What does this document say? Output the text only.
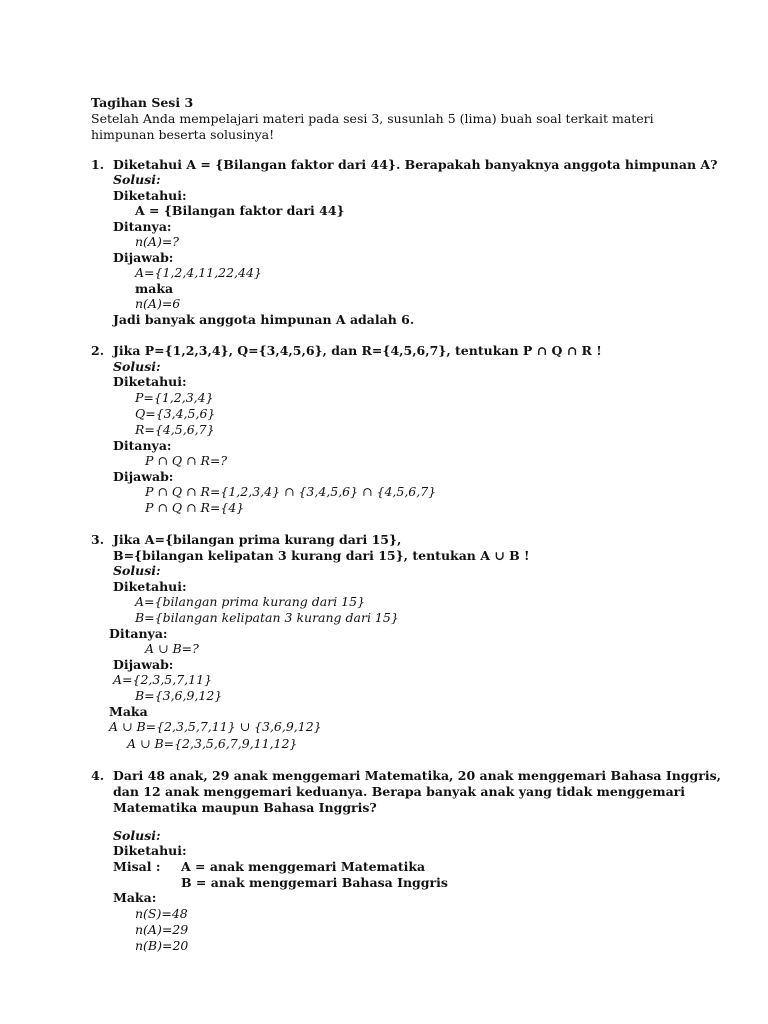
Tagihan Sesi 3
Setelah Anda mempelajari materi pada sesi 3, susunlah 5 (lima) buah soal terkait materi
himpunan beserta solusinya!
1. Diketahui A = {Bilangan faktor dari 44}. Berapakah banyaknya anggota himpunan A?
Solusi:
Diketahui:
A = {Bilangan faktor dari 44}
Ditanya:
n(A)=?
Dijawab:
A={1,2,4,11,22,44}
maka
n(A)=6
Jadi banyak anggota himpunan A adalah 6.
2. Jika P={1,2,3,4}, Q={3,4,5,6}, dan R={4,5,6,7}, tentukan P ∩ Q ∩ R !
Solusi:
Diketahui:
P={1,2,3,4}
Q={3,4,5,6}
R={4,5,6,7}
Ditanya:
P ∩ Q ∩ R=?
Dijawab:
P ∩ Q ∩ R={1,2,3,4} ∩ {3,4,5,6} ∩ {4,5,6,7}
P ∩ Q ∩ R={4}
3. Jika A={bilangan prima kurang dari 15},
B={bilangan kelipatan 3 kurang dari 15}, tentukan A ∪ B !
Solusi:
Diketahui:
A={bilangan prima kurang dari 15}
B={bilangan kelipatan 3 kurang dari 15}
Ditanya:
A ∪ B=?
Dijawab:
A={2,3,5,7,11}
B={3,6,9,12}
Maka
A ∪ B={2,3,5,7,11} ∪ {3,6,9,12}
A ∪ B={2,3,5,6,7,9,11,12}
4. Dari 48 anak, 29 anak menggemari Matematika, 20 anak menggemari Bahasa Inggris,
dan 12 anak menggemari keduanya. Berapa banyak anak yang tidak menggemari
Matematika maupun Bahasa Inggris?
Solusi:
Diketahui:
Misal : A = anak menggemari Matematika
B = anak menggemari Bahasa Inggris
Maka:
n(S)=48
n(A)=29
n(B)=20
